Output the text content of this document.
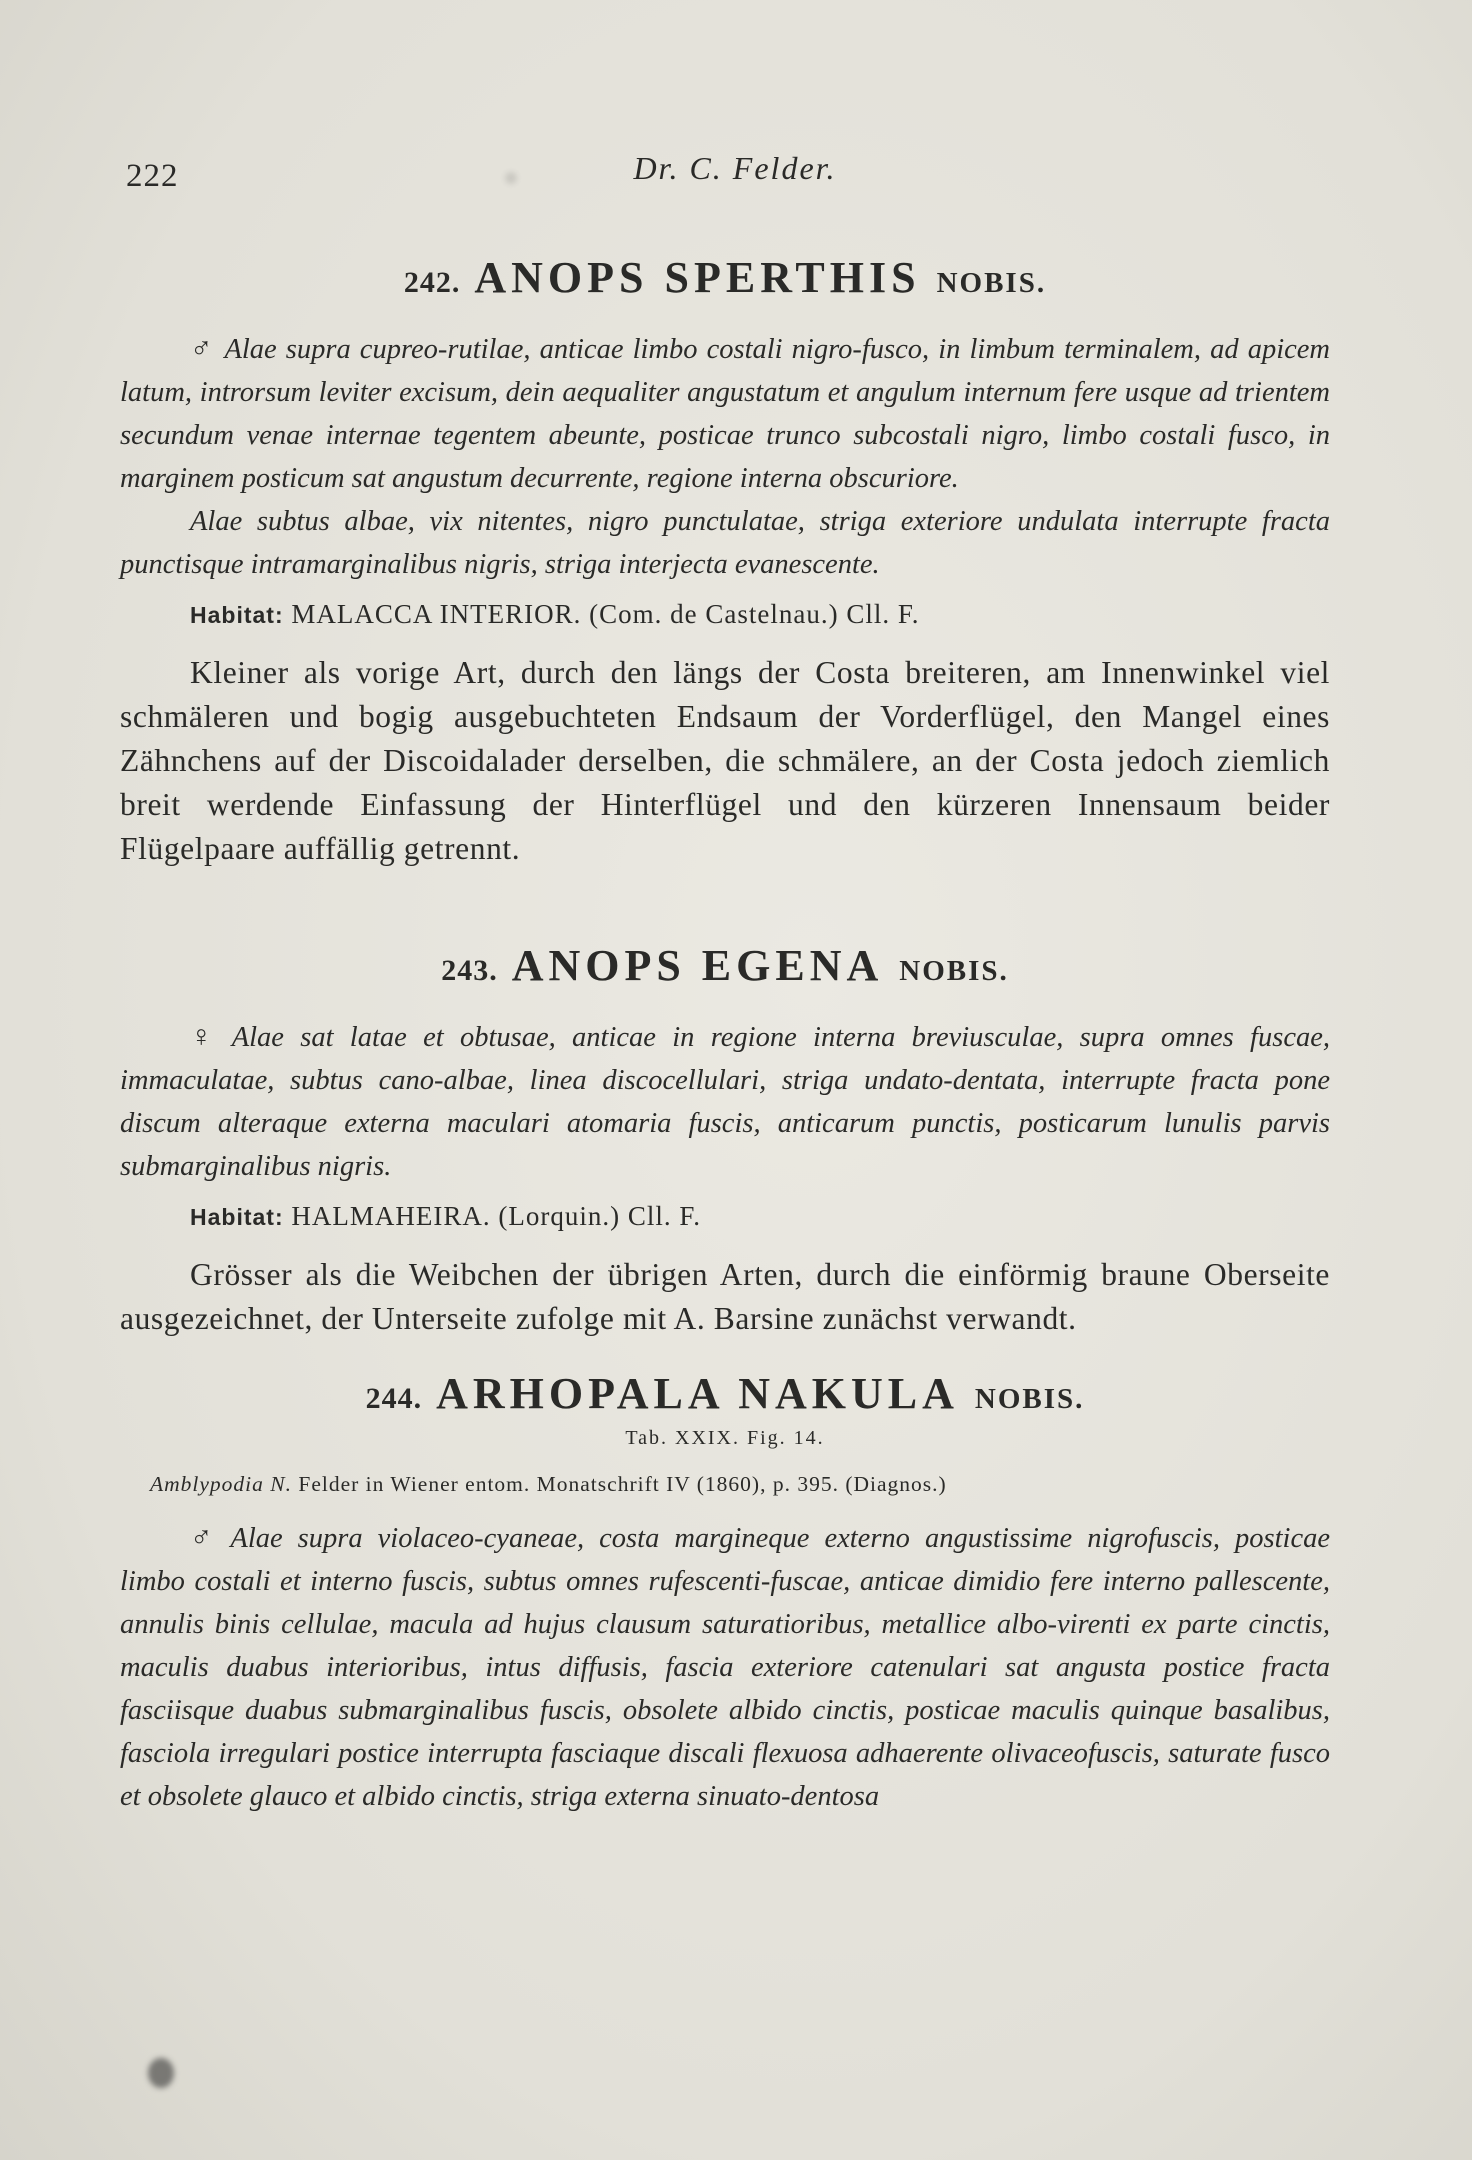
222	Dr. C. Felder.
242. ANOPS SPERTHIS NOBIS.

♂ Alae supra cupreo-rutilae, anticae limbo costali nigro-fusco, in limbum terminalem, ad apicem latum, introrsum leviter excisum, dein aequaliter angustatum et angulum internum fere usque ad trientem secundum venae internae tegentem abeunte, posticae trunco subcostali nigro, limbo costali fusco, in marginem posticum sat angustum decurrente, regione interna obscuriore.

Alae subtus albae, vix nitentes, nigro punctulatae, striga exteriore undulata interrupte fracta punctisque intramarginalibus nigris, striga interjecta evanescente.

Habitat: MALACCA INTERIOR. (Com. de Castelnau.) Cll. F.

Kleiner als vorige Art, durch den längs der Costa breiteren, am Innenwinkel viel schmäleren und bogig ausgebuchteten Endsaum der Vorderflügel, den Mangel eines Zähnchens auf der Discoidalader derselben, die schmälere, an der Costa jedoch ziemlich breit werdende Einfassung der Hinterflügel und den kürzeren Innensaum beider Flügelpaare auffällig getrennt.

243. ANOPS EGENA NOBIS.

♀ Alae sat latae et obtusae, anticae in regione interna breviusculae, supra omnes fuscae, immaculatae, subtus cano-albae, linea discocellulari, striga undato-dentata, interrupte fracta pone discum alteraque externa maculari atomaria fuscis, anticarum punctis, posticarum lunulis parvis submarginalibus nigris.

Habitat: HALMAHEIRA. (Lorquin.) Cll. F.

Grösser als die Weibchen der übrigen Arten, durch die einförmig braune Oberseite ausgezeichnet, der Unterseite zufolge mit A. Barsine zunächst verwandt.

244. ARHOPALA NAKULA NOBIS.

Tab. XXIX. Fig. 14.

Amblypodia N. Felder in Wiener entom. Monatschrift IV (1860), p. 395. (Diagnos.)

♂ Alae supra violaceo-cyaneae, costa margineque externo angustissime nigrofuscis, posticae limbo costali et interno fuscis, subtus omnes rufescenti-fuscae, anticae dimidio fere interno pallescente, annulis binis cellulae, macula ad hujus clausum saturatioribus, metallice albo-virenti ex parte cinctis, maculis duabus interioribus, intus diffusis, fascia exteriore catenulari sat angusta postice fracta fasciisque duabus submarginalibus fuscis, obsolete albido cinctis, posticae maculis quinque basalibus, fasciola irregulari postice interrupta fasciaque discali flexuosa adhaerente olivaceofuscis, saturate fusco et obsolete glauco et albido cinctis, striga externa sinuato-dentosa
